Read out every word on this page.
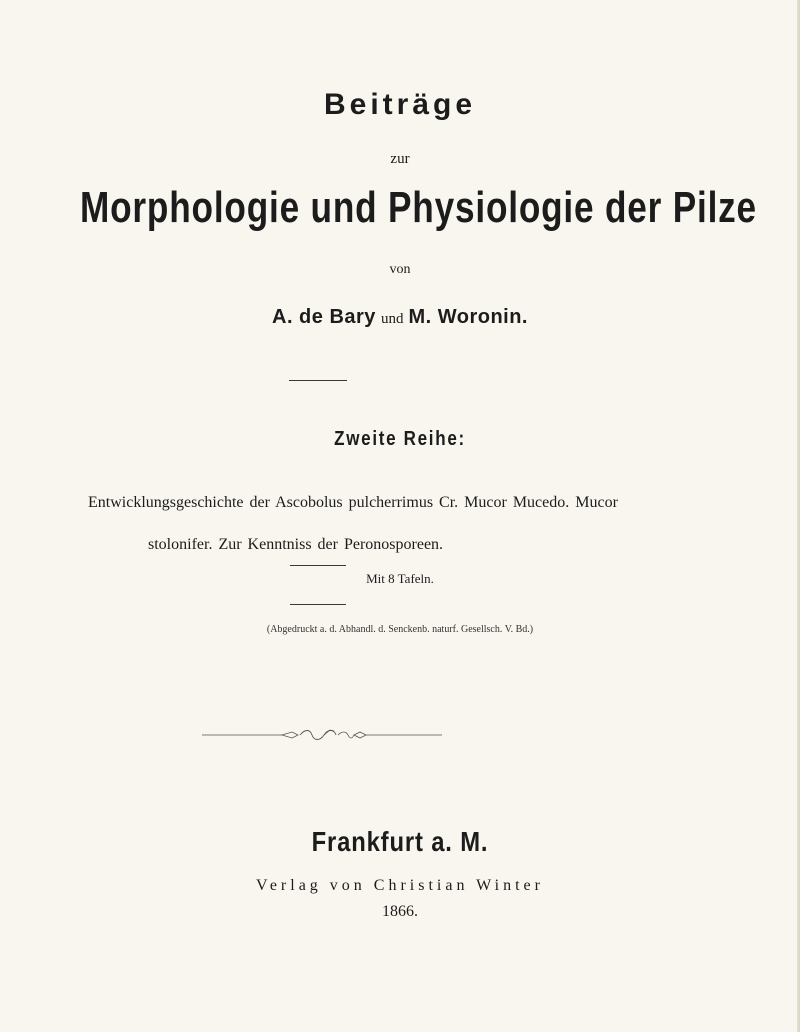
Beiträge
zur
Morphologie und Physiologie der Pilze
von
A. de Bary und M. Woronin.
Zweite Reihe:
Entwicklungsgeschichte der Ascobolus pulcherrimus Cr. Mucor Mucedo. Mucor
stolonifer. Zur Kenntniss der Peronosporeen.
Mit 8 Tafeln.
(Abgedruckt a. d. Abhandl. d. Senckenb. naturf. Gesellsch. V. Bd.)
Frankfurt a. M.
Verlag von Christian Winter
1866.
